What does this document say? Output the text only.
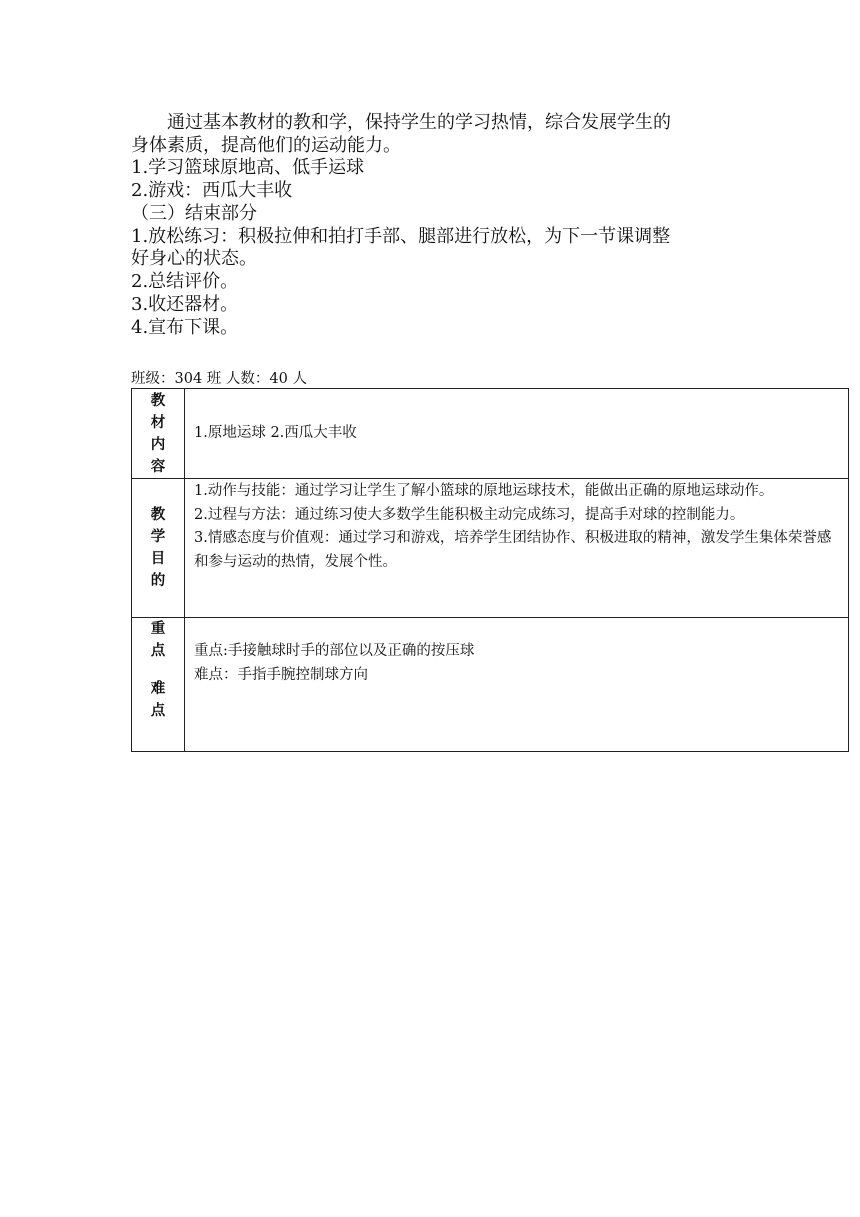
　　通过基本教材的教和学，保持学生的学习热情，综合发展学生的
身体素质，提高他们的运动能力。
1.学习篮球原地高、低手运球
2.游戏：西瓜大丰收
（三）结束部分
1.放松练习：积极拉伸和拍打手部、腿部进行放松，为下一节课调整
好身心的状态。
2.总结评价。
3.收还器材。
4.宣布下课。
班级：304 班 人数：40 人
教
材
内
容	1.原地运球 2.西瓜大丰收

教
学
目
的	1.动作与技能：通过学习让学生了解小篮球的原地运球技术，能做出正确的原地运球动作。
2.过程与方法：通过练习使大多数学生能积极主动完成练习，提高手对球的控制能力。
3.情感态度与价值观：通过学习和游戏，培养学生团结协作、积极进取的精神，激发学生集体荣誉感和参与运动的热情，发展个性。

重
点
难
点	重点:手接触球时手的部位以及正确的按压球
难点：手指手腕控制球方向
